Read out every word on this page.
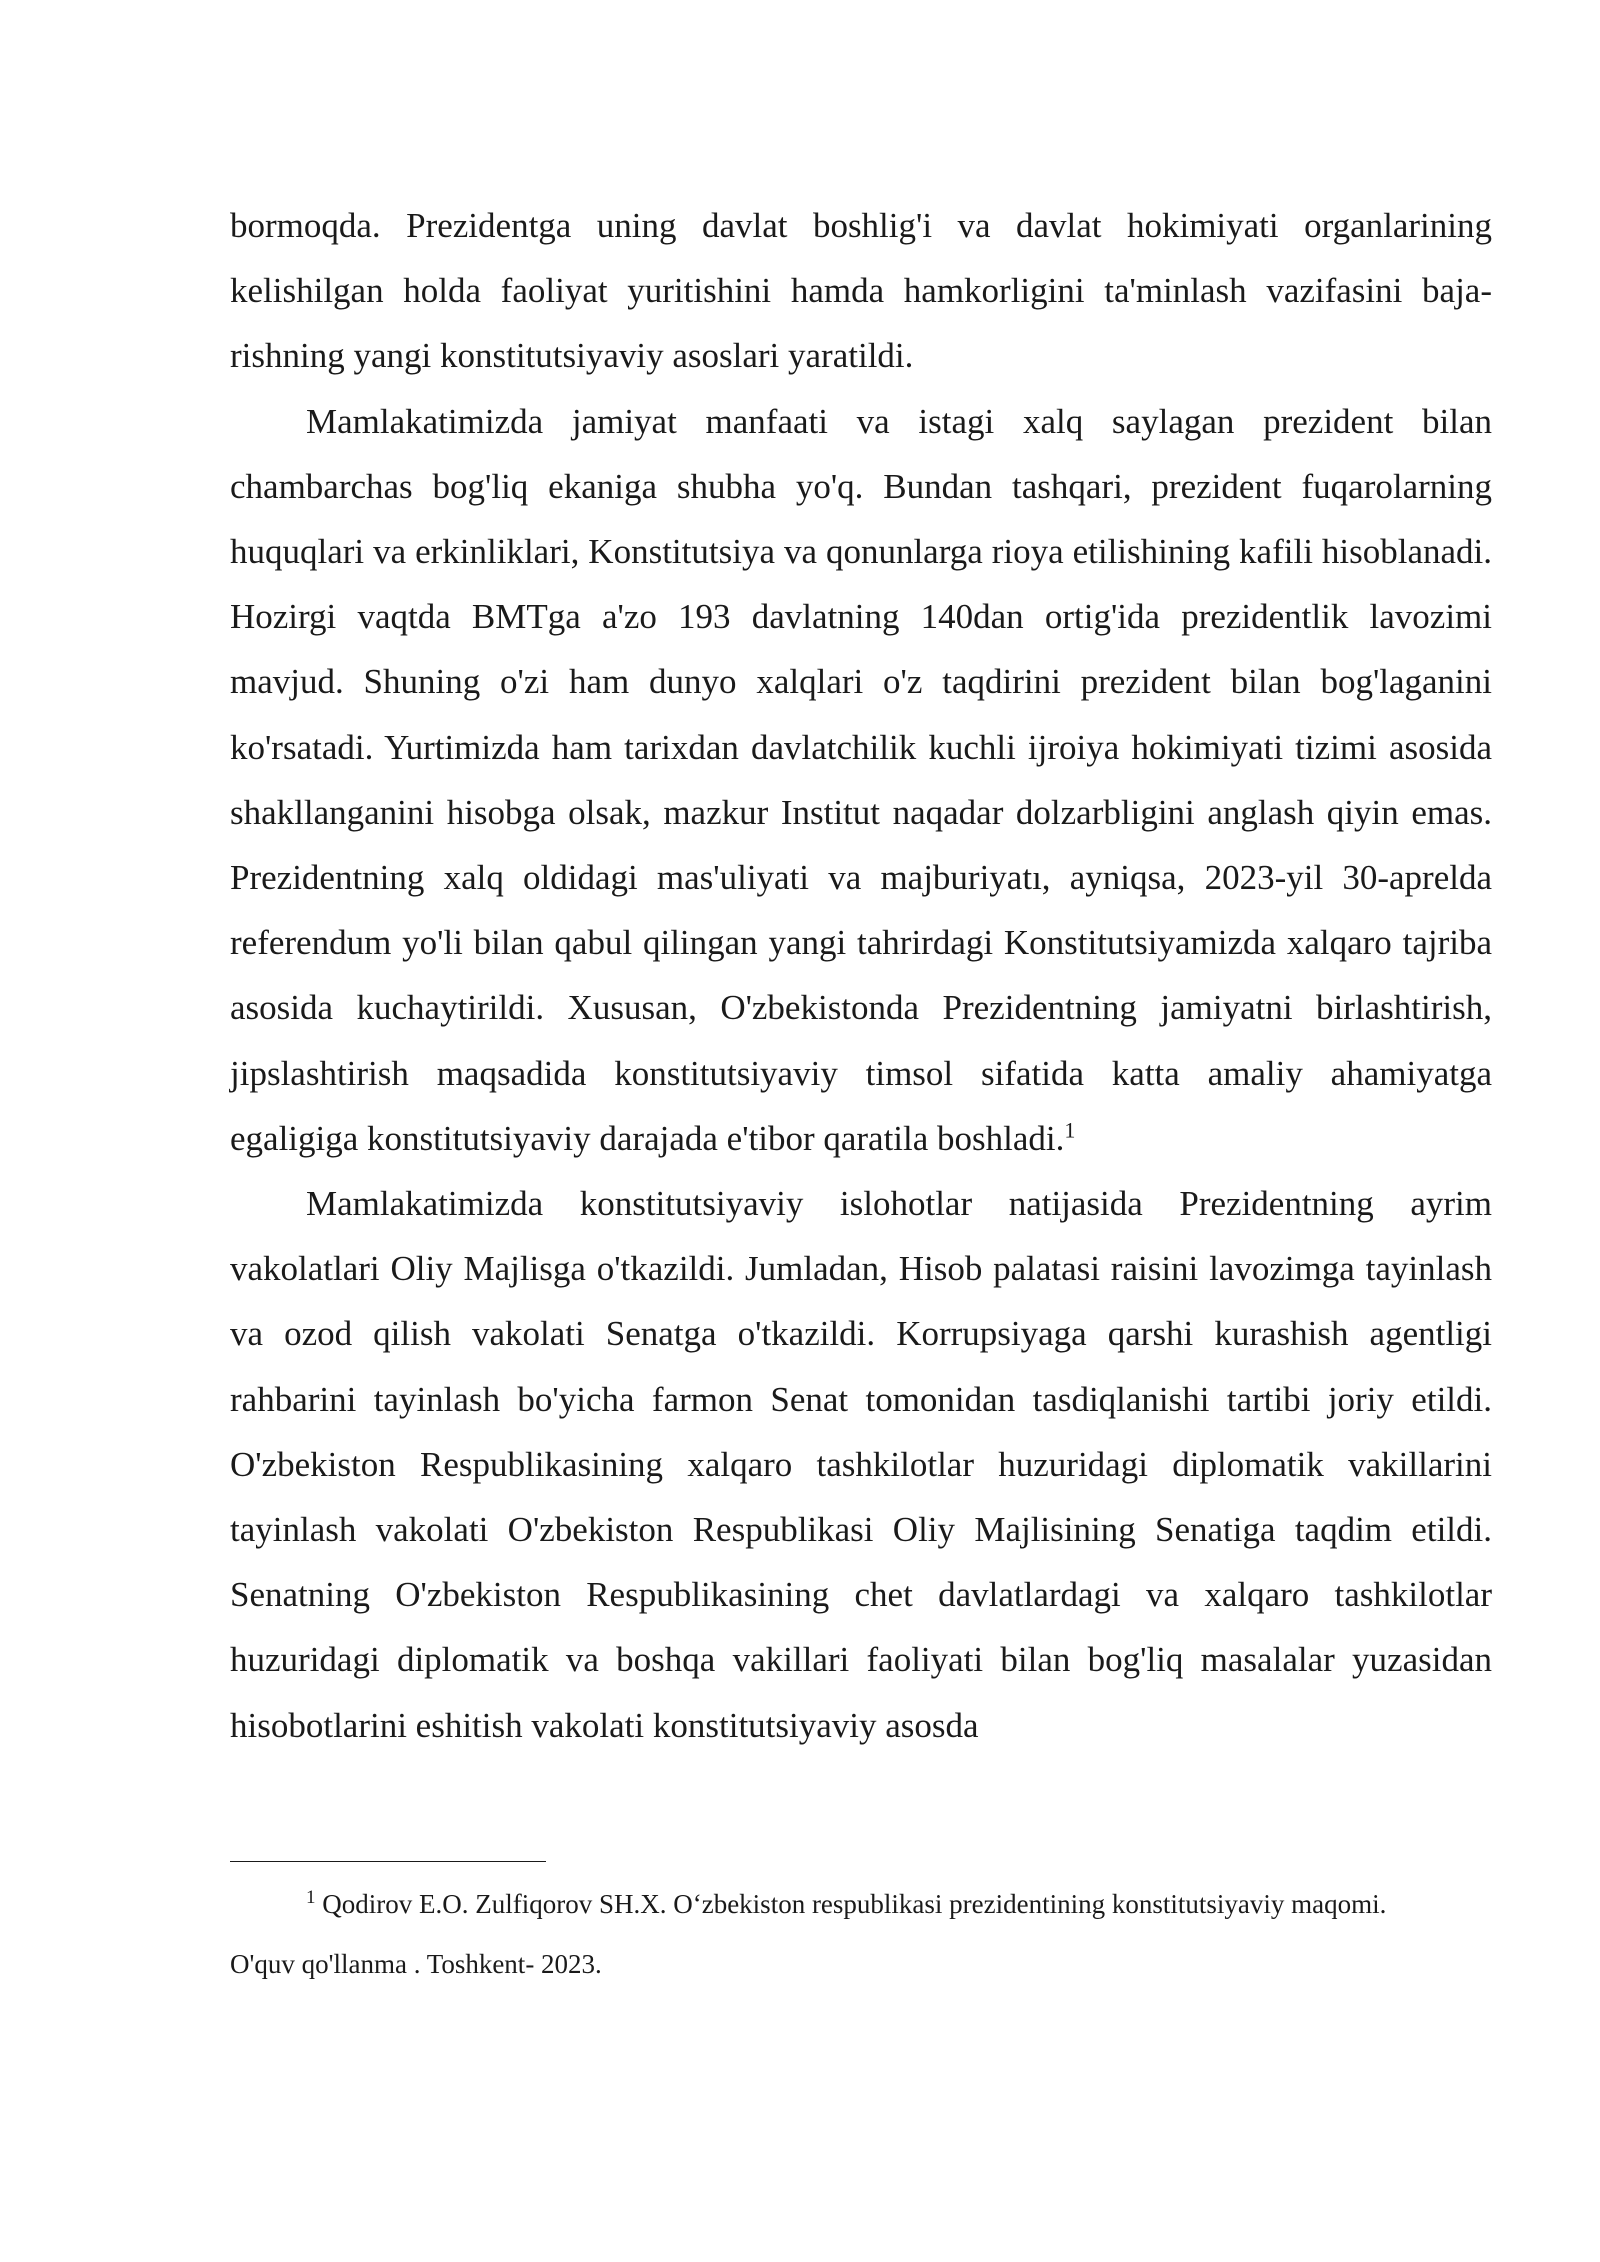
bormoqda. Prezidentga uning davlat boshlig'i va davlat hokimiyati organlarining kelishilgan holda faoliyat yuritishini hamda hamkorligini ta'minlash vazifasini bajarishning yangi konstitutsiyaviy asoslari yaratildi.

Mamlakatimizda jamiyat manfaati va istagi xalq saylagan prezident bilan chambarchas bog'liq ekaniga shubha yo'q. Bundan tashqari, prezident fuqarolarning huquqlari va erkinliklari, Konstitutsiya va qonunlarga rioya etilishining kafili hisoblanadi. Hozirgi vaqtda BMTga a'zo 193 davlatning 140dan ortig'ida prezidentlik lavozimi mavjud. Shuning o'zi ham dunyo xalqlari o'z taqdirini prezident bilan bog'laganini ko'rsatadi. Yurtimizda ham tarixdan davlatchilik kuchli ijroiya hokimiyati tizimi asosida shakllanganini hisobga olsak, mazkur Institut naqadar dolzarbligini anglash qiyin emas. Prezidentning xalq oldidagi mas'uliyati va majburiyatı, ayniqsa, 2023-yil 30-aprelda referendum yo'li bilan qabul qilingan yangi tahrirdagi Konstitutsiyamizda xalqaro tajriba asosida kuchaytirildi. Xususan, O'zbekistonda Prezidentning jamiyatni birlashtirish, jipslashtirish maqsadida konstitutsiyaviy timsol sifatida katta amaliy ahamiyatga egaligiga konstitutsiyaviy darajada e'tibor qaratila boshladi.$^1$

Mamlakatimizda konstitutsiyaviy islohotlar natijasida Prezidentning ayrim vakolatlari Oliy Majlisga o'tkazildi. Jumladan, Hisob palatasi raisini lavozimga tayinlash va ozod qilish vakolati Senatga o'tkazildi. Korrupsiyaga qarshi kurashish agentligi rahbarini tayinlash bo'yicha farmon Senat tomonidan tasdiqlanishi tartibi joriy etildi. O'zbekiston Respublikasining xalqaro tashkilotlar huzuridagi diplomatik vakillarini tayinlash vakolati O'zbekiston Respublikasi Oliy Majlisining Senatiga taqdim etildi. Senatning O'zbekiston Respublikasining chet davlatlardagi va xalqaro tashkilotlar huzuridagi diplomatik va boshqa vakillari faoliyati bilan bog'liq masalalar yuzasidan hisobotlarini eshitish vakolati konstitutsiyaviy asosda

$^1$ Qodirov E.O. Zulfiqorov SH.X. O‘zbekiston respublikasi prezidentining konstitutsiyaviy maqomi.
O'quv qo'llanma . Toshkent- 2023.
